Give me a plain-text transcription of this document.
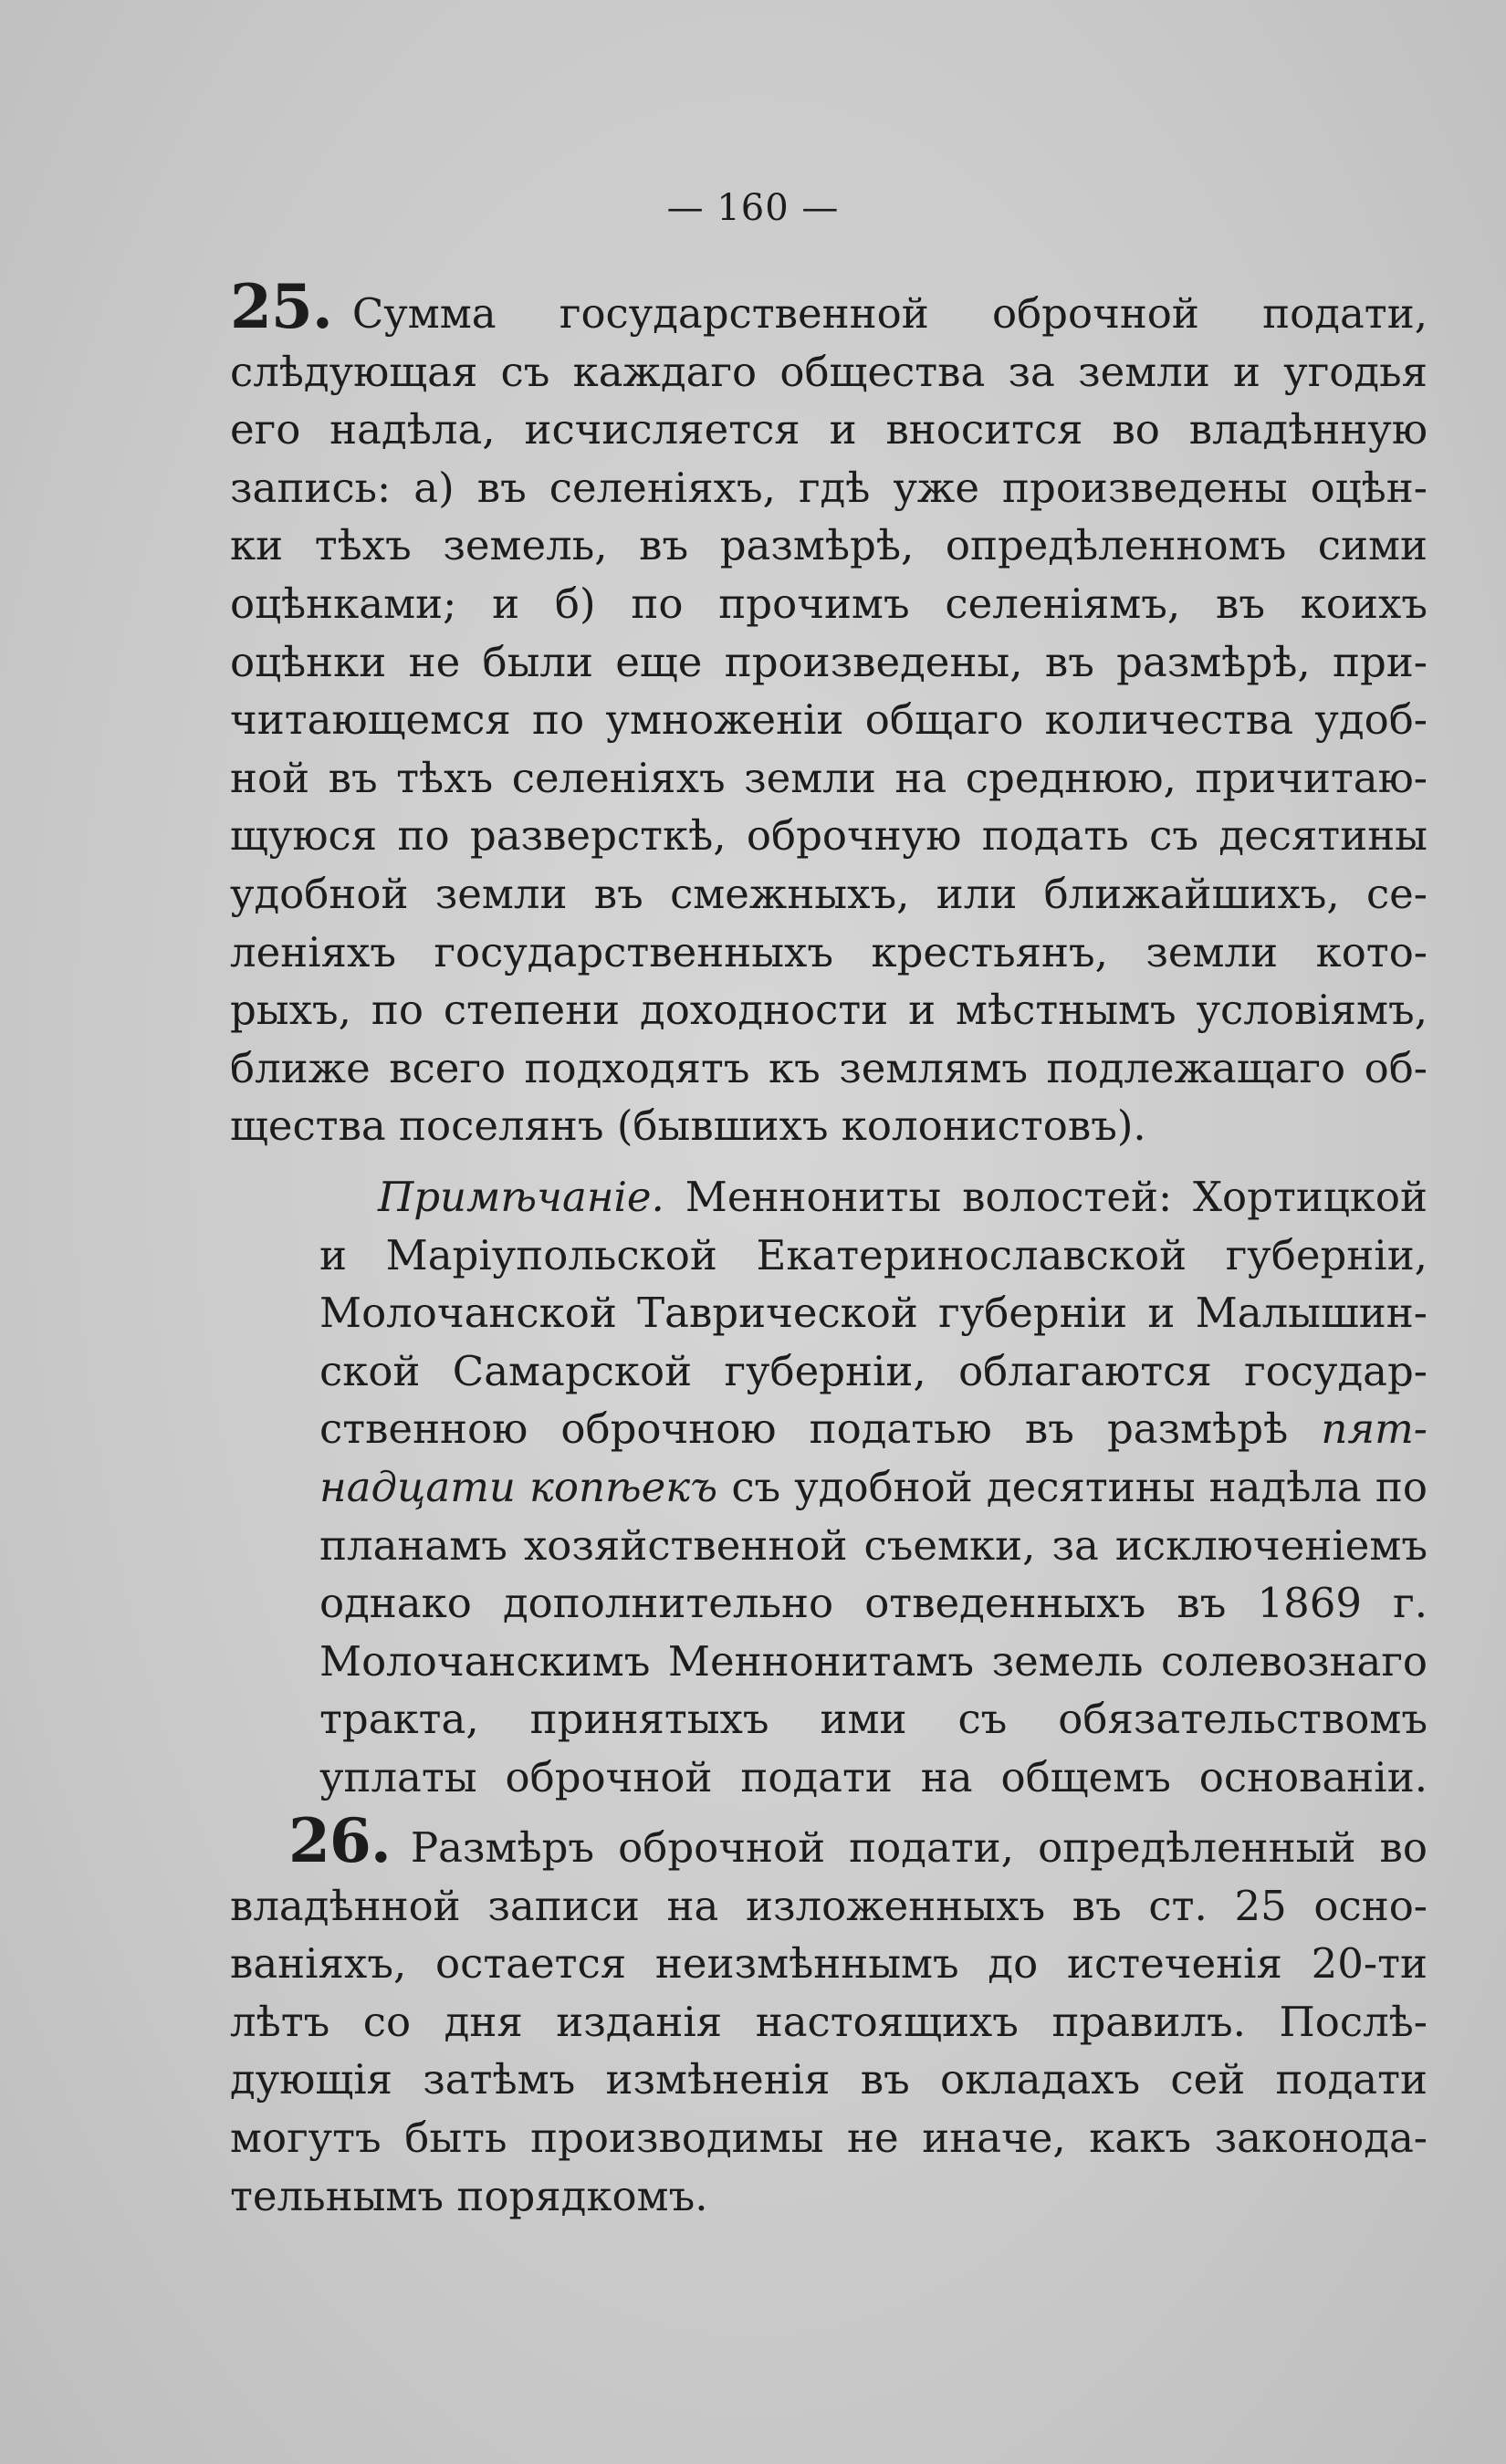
— 160 —
25. Сумма государственной оброчной подати,
слѣдующая съ каждаго общества за земли и угодья
его надѣла, исчисляется и вносится во владѣнную
запись: а) въ селеніяхъ, гдѣ уже произведены оцѣн-
ки тѣхъ земель, въ размѣрѣ, опредѣленномъ сими
оцѣнками; и б) по прочимъ селеніямъ, въ коихъ
оцѣнки не были еще произведены, въ размѣрѣ, при-
читающемся по умноженіи общаго количества удоб-
ной въ тѣхъ селеніяхъ земли на среднюю, причитаю-
щуюся по разверсткѣ, оброчную подать съ десятины
удобной земли въ смежныхъ, или ближайшихъ, се-
леніяхъ государственныхъ крестьянъ, земли кото-
рыхъ, по степени доходности и мѣстнымъ условіямъ,
ближе всего подходятъ къ землямъ подлежащаго об-
щества поселянъ (бывшихъ колонистовъ).
Примѣчаніе. Меннониты волостей: Хортицкой
и Маріупольской Екатеринославской губерніи,
Молочанской Таврической губерніи и Малышин-
ской Самарской губерніи, облагаются государ-
ственною оброчною податью въ размѣрѣ пят-
надцати копѣекъ съ удобной десятины надѣла по
планамъ хозяйственной съемки, за исключеніемъ
однако дополнительно отведенныхъ въ 1869 г.
Молочанскимъ Меннонитамъ земель солевознаго
тракта, принятыхъ ими съ обязательствомъ
уплаты оброчной подати на общемъ основаніи.
26. Размѣръ оброчной подати, опредѣленный во
владѣнной записи на изложенныхъ въ ст. 25 осно-
ваніяхъ, остается неизмѣннымъ до истеченія 20-ти
лѣтъ со дня изданія настоящихъ правилъ. Послѣ-
дующія затѣмъ измѣненія въ окладахъ сей подати
могутъ быть производимы не иначе, какъ законода-
тельнымъ порядкомъ.
